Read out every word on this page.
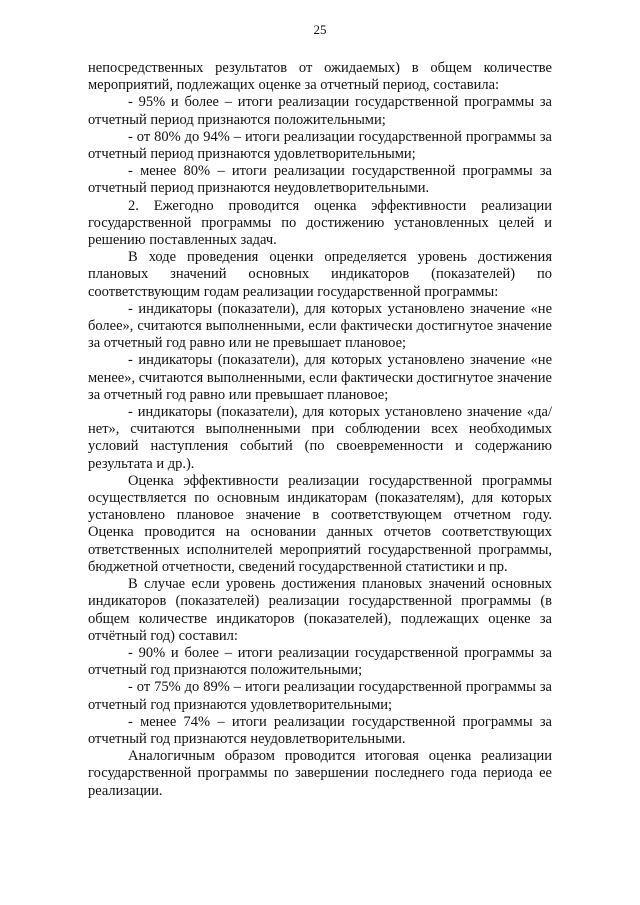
25

непосредственных результатов от ожидаемых) в общем количестве мероприятий, подлежащих оценке за отчетный период, составила:

- 95% и более – итоги реализации государственной программы за отчетный период признаются положительными;

- от 80% до 94% – итоги реализации государственной программы за отчетный период признаются удовлетворительными;

- менее 80% – итоги реализации государственной программы за отчетный период признаются неудовлетворительными.

2. Ежегодно проводится оценка эффективности реализации государственной программы по достижению установленных целей и решению поставленных задач.

В ходе проведения оценки определяется уровень достижения плановых значений основных индикаторов (показателей) по соответствующим годам реализации государственной программы:

- индикаторы (показатели), для которых установлено значение «не более», считаются выполненными, если фактически достигнутое значение за отчетный год равно или не превышает плановое;

- индикаторы (показатели), для которых установлено значение «не менее», считаются выполненными, если фактически достигнутое значение за отчетный год равно или превышает плановое;

- индикаторы (показатели), для которых установлено значение «да/нет», считаются выполненными при соблюдении всех необходимых условий наступления событий (по своевременности и содержанию результата и др.).

Оценка эффективности реализации государственной программы осуществляется по основным индикаторам (показателям), для которых установлено плановое значение в соответствующем отчетном году. Оценка проводится на основании данных отчетов соответствующих ответственных исполнителей мероприятий государственной программы, бюджетной отчетности, сведений государственной статистики и пр.

В случае если уровень достижения плановых значений основных индикаторов (показателей) реализации государственной программы (в общем количестве индикаторов (показателей), подлежащих оценке за отчётный год) составил:

- 90% и более – итоги реализации государственной программы за отчетный год признаются положительными;

- от 75% до 89% – итоги реализации государственной программы за отчетный год признаются удовлетворительными;

- менее 74% – итоги реализации государственной программы за отчетный год признаются неудовлетворительными.

Аналогичным образом проводится итоговая оценка реализации государственной программы по завершении последнего года периода ее реализации.
